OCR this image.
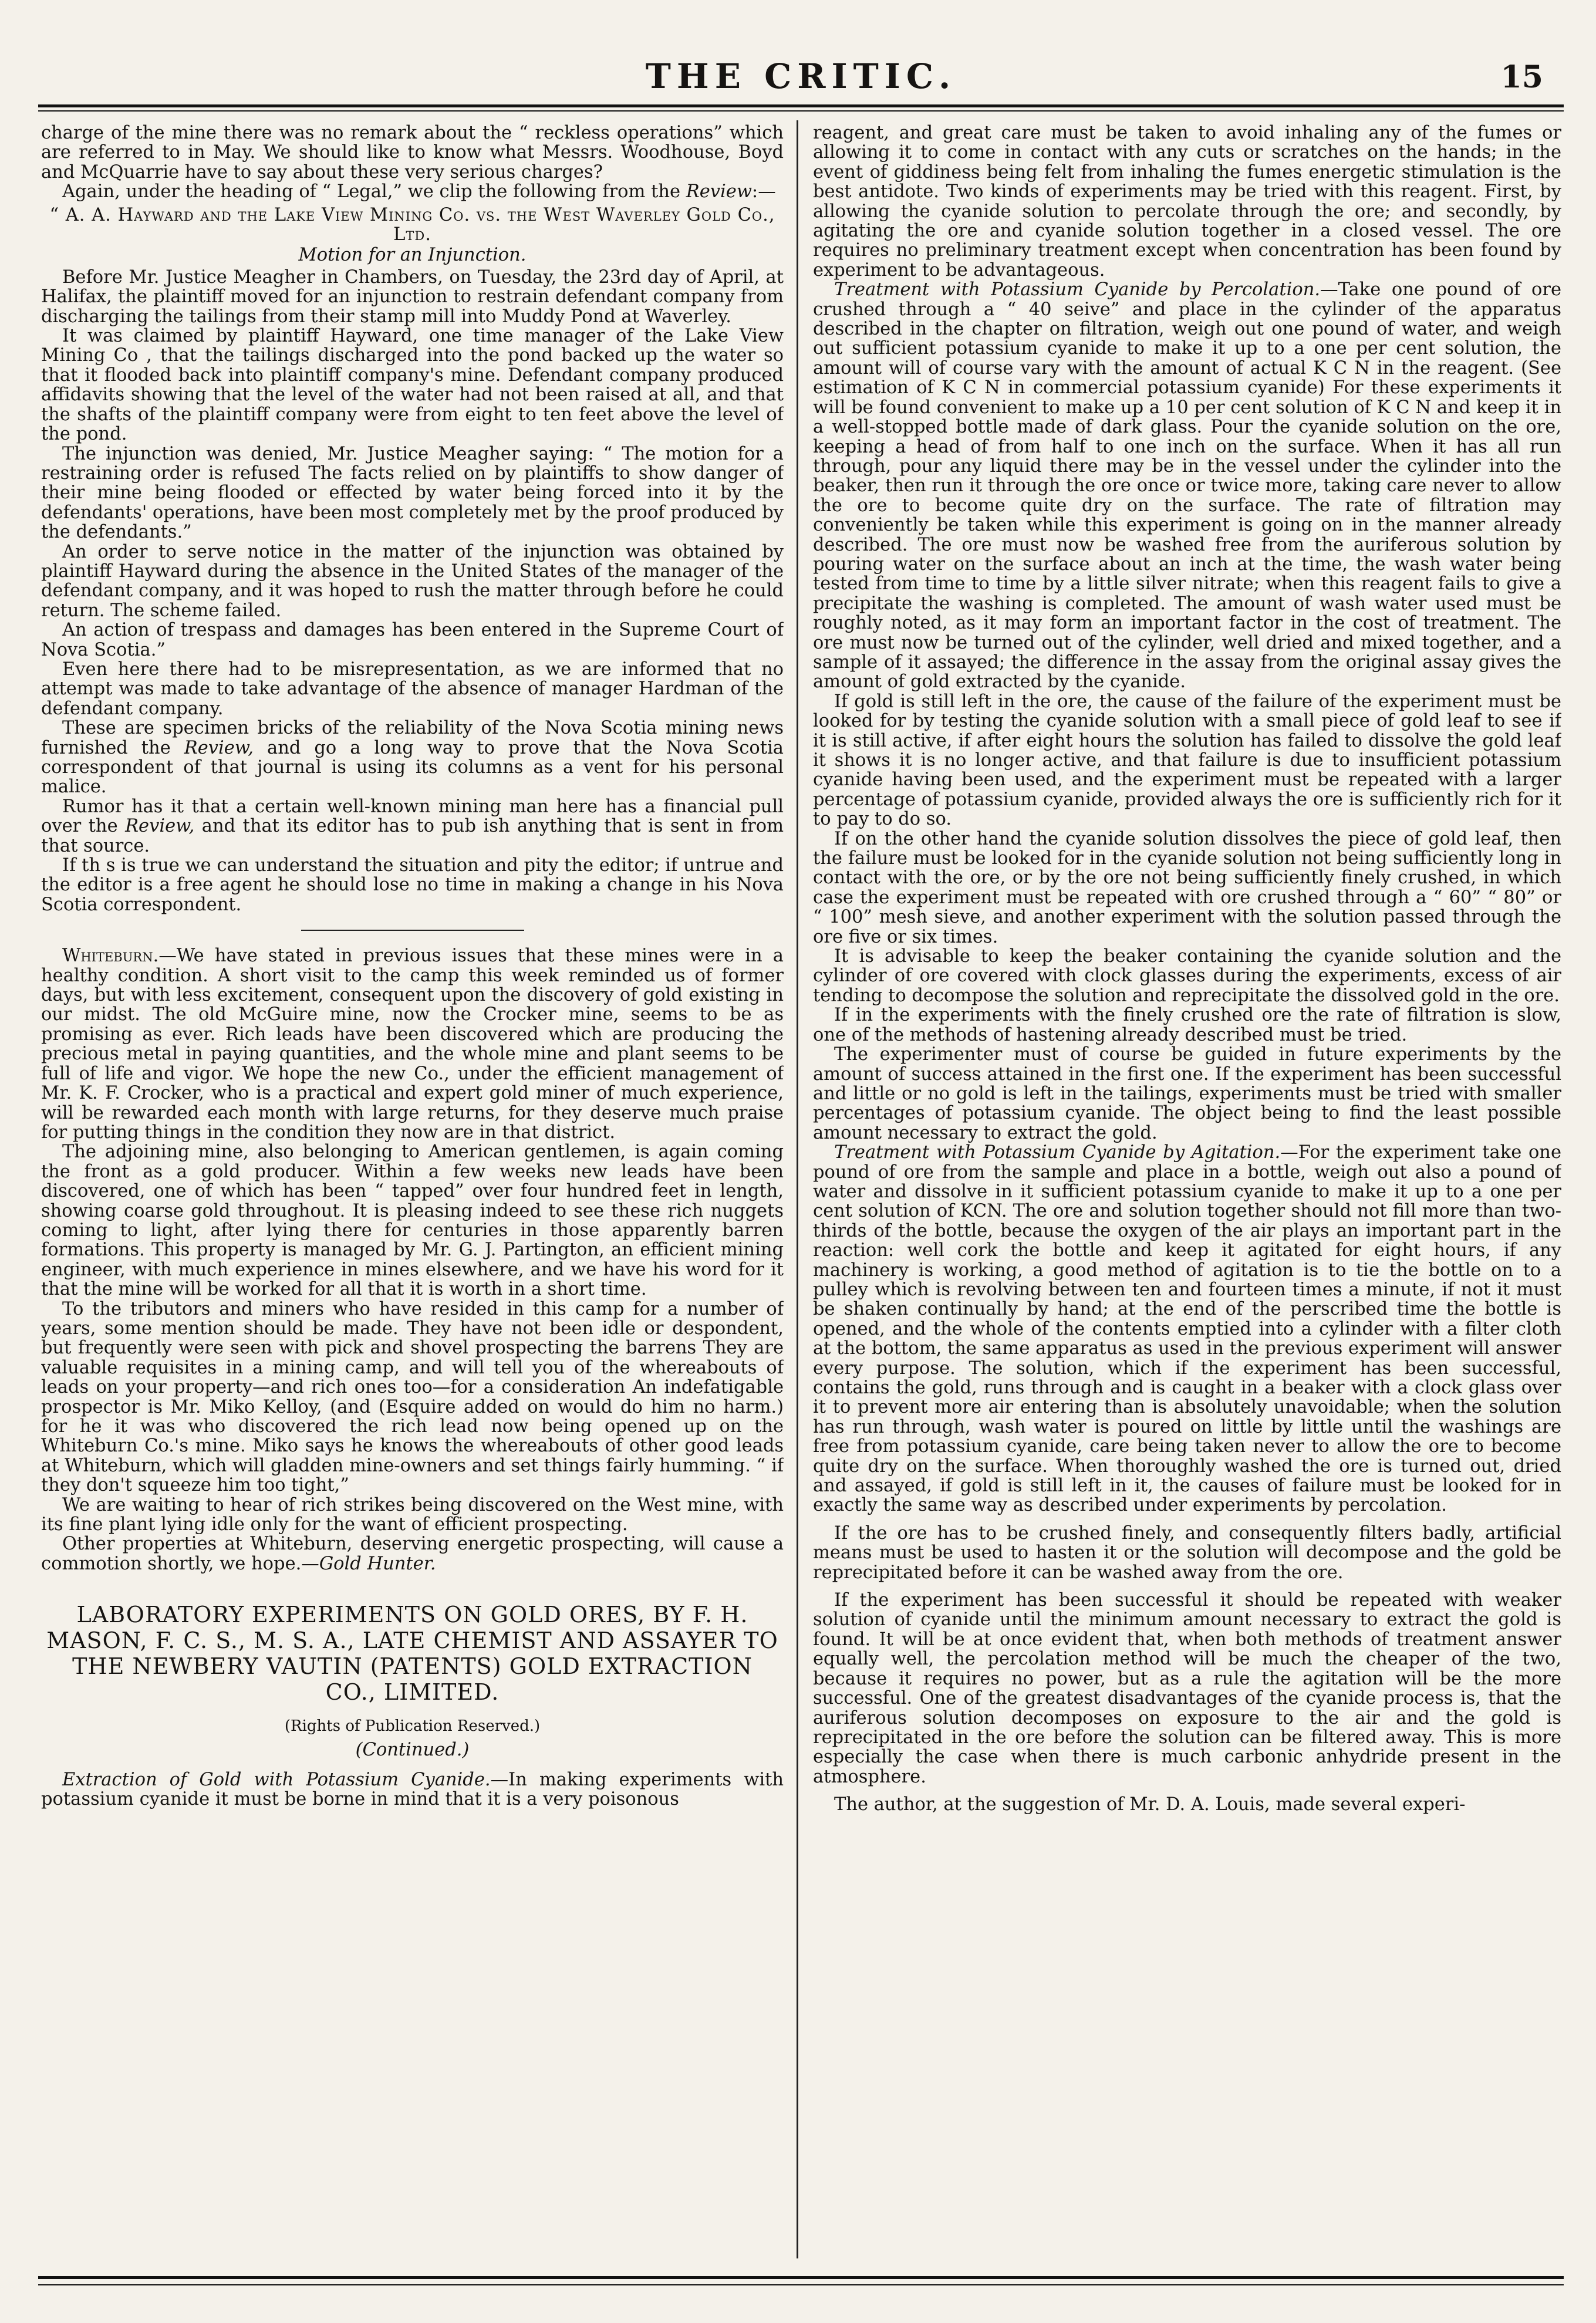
THE CRITIC.	15

charge of the mine there was no remark about the “ reckless operations” which are referred to in May. We should like to know what Messrs. Woodhouse, Boyd and McQuarrie have to say about these very serious charges?

Again, under the heading of “ Legal,” we clip the following from the Review:—

“ A. A. Hayward and the Lake View Mining Co. vs. the West Waverley Gold Co., Ltd.

Motion for an Injunction.

Before Mr. Justice Meagher in Chambers, on Tuesday, the 23rd day of April, at Halifax, the plaintiff moved for an injunction to restrain defendant company from discharging the tailings from their stamp mill into Muddy Pond at Waverley.

It was claimed by plaintiff Hayward, one time manager of the Lake View Mining Co , that the tailings discharged into the pond backed up the water so that it flooded back into plaintiff company's mine. Defendant company produced affidavits showing that the level of the water had not been raised at all, and that the shafts of the plaintiff company were from eight to ten feet above the level of the pond.

The injunction was denied, Mr. Justice Meagher saying: “ The motion for a restraining order is refused The facts relied on by plaintiffs to show danger of their mine being flooded or effected by water being forced into it by the defendants' operations, have been most completely met by the proof produced by the defendants.”

An order to serve notice in the matter of the injunction was obtained by plaintiff Hayward during the absence in the United States of the manager of the defendant company, and it was hoped to rush the matter through before he could return. The scheme failed.

An action of trespass and damages has been entered in the Supreme Court of Nova Scotia.”

Even here there had to be misrepresentation, as we are informed that no attempt was made to take advantage of the absence of manager Hardman of the defendant company.

These are specimen bricks of the reliability of the Nova Scotia mining news furnished the Review, and go a long way to prove that the Nova Scotia correspondent of that journal is using its columns as a vent for his personal malice.

Rumor has it that a certain well-known mining man here has a financial pull over the Review, and that its editor has to pub ish anything that is sent in from that source.

If th s is true we can understand the situation and pity the editor; if untrue and the editor is a free agent he should lose no time in making a change in his Nova Scotia correspondent.

Whiteburn.—We have stated in previous issues that these mines were in a healthy condition. A short visit to the camp this week reminded us of former days, but with less excitement, consequent upon the discovery of gold existing in our midst. The old McGuire mine, now the Crocker mine, seems to be as promising as ever. Rich leads have been discovered which are producing the precious metal in paying quantities, and the whole mine and plant seems to be full of life and vigor. We hope the new Co., under the efficient management of Mr. K. F. Crocker, who is a practical and expert gold miner of much experience, will be rewarded each month with large returns, for they deserve much praise for putting things in the condition they now are in that district.

The adjoining mine, also belonging to American gentlemen, is again coming the front as a gold producer. Within a few weeks new leads have been discovered, one of which has been “ tapped” over four hundred feet in length, showing coarse gold throughout. It is pleasing indeed to see these rich nuggets coming to light, after lying there for centuries in those apparently barren formations. This property is managed by Mr. G. J. Partington, an efficient mining engineer, with much experience in mines elsewhere, and we have his word for it that the mine will be worked for all that it is worth in a short time.

To the tributors and miners who have resided in this camp for a number of years, some mention should be made. They have not been idle or despondent, but frequently were seen with pick and shovel prospecting the barrens They are valuable requisites in a mining camp, and will tell you of the whereabouts of leads on your property—and rich ones too—for a consideration An indefatigable prospector is Mr. Miko Kelloy, (and (Esquire added on would do him no harm.) for he it was who discovered the rich lead now being opened up on the Whiteburn Co.'s mine. Miko says he knows the whereabouts of other good leads at Whiteburn, which will gladden mine-owners and set things fairly humming. “ if they don't squeeze him too tight,”

We are waiting to hear of rich strikes being discovered on the West mine, with its fine plant lying idle only for the want of efficient prospecting.

Other properties at Whiteburn, deserving energetic prospecting, will cause a commotion shortly, we hope.—Gold Hunter.

LABORATORY EXPERIMENTS ON GOLD ORES, BY F. H. MASON, F. C. S., M. S. A., LATE CHEMIST AND ASSAYER TO THE NEWBERY VAUTIN (PATENTS) GOLD EXTRACTION CO., LIMITED.

(Rights of Publication Reserved.)

(Continued.)

Extraction of Gold with Potassium Cyanide.—In making experiments with potassium cyanide it must be borne in mind that it is a very poisonous

reagent, and great care must be taken to avoid inhaling any of the fumes or allowing it to come in contact with any cuts or scratches on the hands; in the event of giddiness being felt from inhaling the fumes energetic stimulation is the best antidote. Two kinds of experiments may be tried with this reagent. First, by allowing the cyanide solution to percolate through the ore; and secondly, by agitating the ore and cyanide solution together in a closed vessel. The ore requires no preliminary treatment except when concentration has been found by experiment to be advantageous.

Treatment with Potassium Cyanide by Percolation.—Take one pound of ore crushed through a “ 40 seive” and place in the cylinder of the apparatus described in the chapter on filtration, weigh out one pound of water, and weigh out sufficient potassium cyanide to make it up to a one per cent solution, the amount will of course vary with the amount of actual K C N in the reagent. (See estimation of K C N in commercial potassium cyanide) For these experiments it will be found convenient to make up a 10 per cent solution of K C N and keep it in a well-stopped bottle made of dark glass. Pour the cyanide solution on the ore, keeping a head of from half to one inch on the surface. When it has all run through, pour any liquid there may be in the vessel under the cylinder into the beaker, then run it through the ore once or twice more, taking care never to allow the ore to become quite dry on the surface. The rate of filtration may conveniently be taken while this experiment is going on in the manner already described. The ore must now be washed free from the auriferous solution by pouring water on the surface about an inch at the time, the wash water being tested from time to time by a little silver nitrate; when this reagent fails to give a precipitate the washing is completed. The amount of wash water used must be roughly noted, as it may form an important factor in the cost of treatment. The ore must now be turned out of the cylinder, well dried and mixed together, and a sample of it assayed; the difference in the assay from the original assay gives the amount of gold extracted by the cyanide.

If gold is still left in the ore, the cause of the failure of the experiment must be looked for by testing the cyanide solution with a small piece of gold leaf to see if it is still active, if after eight hours the solution has failed to dissolve the gold leaf it shows it is no longer active, and that failure is due to insufficient potassium cyanide having been used, and the experiment must be repeated with a larger percentage of potassium cyanide, provided always the ore is sufficiently rich for it to pay to do so.

If on the other hand the cyanide solution dissolves the piece of gold leaf, then the failure must be looked for in the cyanide solution not being sufficiently long in contact with the ore, or by the ore not being sufficiently finely crushed, in which case the experiment must be repeated with ore crushed through a “ 60” “ 80” or “ 100” mesh sieve, and another experiment with the solution passed through the ore five or six times.

It is advisable to keep the beaker containing the cyanide solution and the cylinder of ore covered with clock glasses during the experiments, excess of air tending to decompose the solution and reprecipitate the dissolved gold in the ore.

If in the experiments with the finely crushed ore the rate of filtration is slow, one of the methods of hastening already described must be tried.

The experimenter must of course be guided in future experiments by the amount of success attained in the first one. If the experiment has been successful and little or no gold is left in the tailings, experiments must be tried with smaller percentages of potassium cyanide. The object being to find the least possible amount necessary to extract the gold.

Treatment with Potassium Cyanide by Agitation.—For the experiment take one pound of ore from the sample and place in a bottle, weigh out also a pound of water and dissolve in it sufficient potassium cyanide to make it up to a one per cent solution of KCN. The ore and solution together should not fill more than two-thirds of the bottle, because the oxygen of the air plays an important part in the reaction: well cork the bottle and keep it agitated for eight hours, if any machinery is working, a good method of agitation is to tie the bottle on to a pulley which is revolving between ten and fourteen times a minute, if not it must be shaken continually by hand; at the end of the perscribed time the bottle is opened, and the whole of the contents emptied into a cylinder with a filter cloth at the bottom, the same apparatus as used in the previous experiment will answer every purpose. The solution, which if the experiment has been successful, contains the gold, runs through and is caught in a beaker with a clock glass over it to prevent more air entering than is absolutely unavoidable; when the solution has run through, wash water is poured on little by little until the washings are free from potassium cyanide, care being taken never to allow the ore to become quite dry on the surface. When thoroughly washed the ore is turned out, dried and assayed, if gold is still left in it, the causes of failure must be looked for in exactly the same way as described under experiments by percolation.

If the ore has to be crushed finely, and consequently filters badly, artificial means must be used to hasten it or the solution will decompose and the gold be reprecipitated before it can be washed away from the ore.

If the experiment has been successful it should be repeated with weaker solution of cyanide until the minimum amount necessary to extract the gold is found. It will be at once evident that, when both methods of treatment answer equally well, the percolation method will be much the cheaper of the two, because it requires no power, but as a rule the agitation will be the more successful. One of the greatest disadvantages of the cyanide process is, that the auriferous solution decomposes on exposure to the air and the gold is reprecipitated in the ore before the solution can be filtered away. This is more especially the case when there is much carbonic anhydride present in the atmosphere.

The author, at the suggestion of Mr. D. A. Louis, made several experi-
